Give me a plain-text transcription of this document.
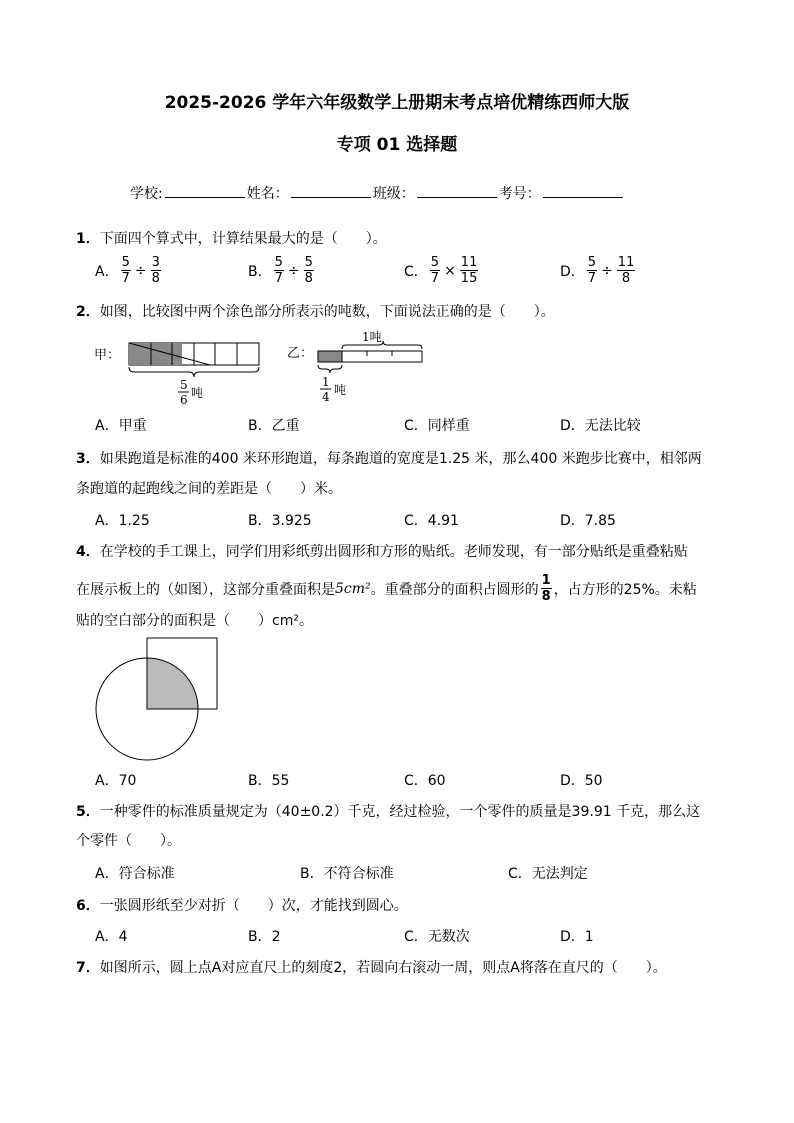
2025-2026 学年六年级数学上册期末考点培优精练西师大版
专项 01 选择题
学校:	姓名：	班级：	考号：
1．下面四个算式中，计算结果最大的是（　　）。
A． $\frac{5}{7} \div \frac{3}{8}$	B． $\frac{5}{7} \div \frac{5}{8}$	C． $\frac{5}{7} \times \frac{11}{15}$	D． $\frac{5}{7} \div \frac{11}{8}$
2．如图，比较图中两个涂色部分所表示的吨数，下面说法正确的是（　　）。
甲：
5
6 吨
乙：
1吨
1
4 吨
A．甲重	B．乙重	C．同样重	D．无法比较
3．如果跑道是标准的400 米环形跑道，每条跑道的宽度是1.25 米，那么400 米跑步比赛中，相邻两
条跑道的起跑线之间的差距是（　　）米。
A．1.25	B．3.925	C．4.91	D．7.85
4．在学校的手工课上，同学们用彩纸剪出圆形和方形的贴纸。老师发现，有一部分贴纸是重叠粘贴
在展示板上的（如图），这部分重叠面积是 5cm² 。重叠部分的面积占圆形的 $\frac{1}{8}$ ，占方形的25%。未粘
贴的空白部分的面积是（　　）cm²。
A．70	B．55	C．60	D．50
5．一种零件的标准质量规定为（40±0.2）千克，经过检验，一个零件的质量是39.91 千克，那么这
个零件（　　）。
A．符合标准	B．不符合标准	C．无法判定
6．一张圆形纸至少对折（　　）次，才能找到圆心。
A．4	B．2	C．无数次	D．1
7．如图所示，圆上点A对应直尺上的刻度2，若圆向右滚动一周，则点A将落在直尺的（　　）。
